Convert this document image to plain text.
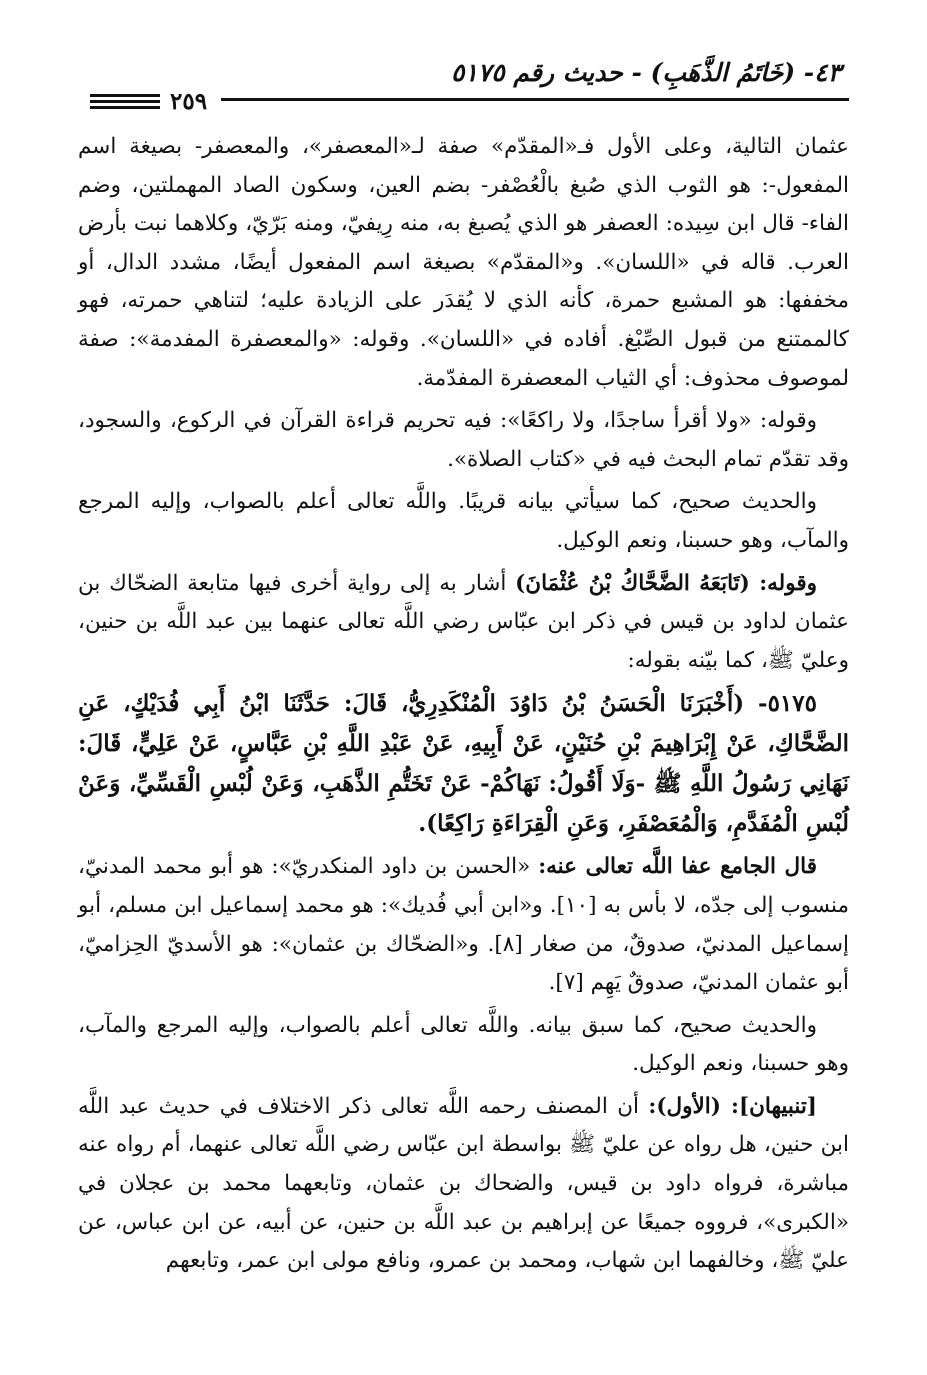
٤٣- (خَاتَمُ الذَّهَبِ) - حديث رقم ٥١٧٥
٢٥٩

عثمان التالية، وعلى الأول فـ«المقدّم» صفة لـ«المعصفر»، والمعصفر- بصيغة اسم المفعول-: هو الثوب الذي صُبغ بالْعُصْفر- بضم العين، وسكون الصاد المهملتين، وضم الفاء- قال ابن سِيده: العصفر هو الذي يُصبغ به، منه رِيفيّ، ومنه بَرّيّ، وكلاهما نبت بأرض العرب. قاله في «اللسان». و«المقدّم» بصيغة اسم المفعول أيضًا، مشدد الدال، أو مخففها: هو المشبع حمرة، كأنه الذي لا يُقدَر على الزيادة عليه؛ لتناهي حمرته، فهو كالممتنع من قبول الصِّبْغ. أفاده في «اللسان». وقوله: «والمعصفرة المفدمة»: صفة لموصوف محذوف: أي الثياب المعصفرة المفدّمة.

وقوله: «ولا أقرأ ساجدًا، ولا راكعًا»: فيه تحريم قراءة القرآن في الركوع، والسجود، وقد تقدّم تمام البحث فيه في «كتاب الصلاة».

والحديث صحيح، كما سيأتي بيانه قريبًا. واللَّه تعالى أعلم بالصواب، وإليه المرجع والمآب، وهو حسبنا، ونعم الوكيل.

وقوله: (تَابَعَهُ الضَّحَّاكُ بْنُ عُثْمَانَ) أشار به إلى رواية أخرى فيها متابعة الضحّاك بن عثمان لداود بن قيس في ذكر ابن عبّاس رضي اللَّه تعالى عنهما بين عبد اللَّه بن حنين، وعليّ ﷺ، كما بيّنه بقوله:

٥١٧٥- (أَخْبَرَنَا الْحَسَنُ بْنُ دَاوُدَ الْمُنْكَدِرِيُّ، قَالَ: حَدَّثَنَا ابْنُ أَبِي فُدَيْكٍ، عَنِ الضَّحَّاكِ، عَنْ إِبْرَاهِيمَ بْنِ حُنَيْنٍ، عَنْ أَبِيهِ، عَنْ عَبْدِ اللَّهِ بْنِ عَبَّاسٍ، عَنْ عَلِيٍّ، قَالَ: نَهَانِي رَسُولُ اللَّهِ ﷺ -وَلَا أَقُولُ: نَهَاكُمْ- عَنْ تَخَتُّمِ الذَّهَبِ، وَعَنْ لُبْسِ الْقَسِّيِّ، وَعَنْ لُبْسِ الْمُفَدَّمِ، وَالْمُعَصْفَرِ، وَعَنِ الْقِرَاءَةِ رَاكِعًا).

قال الجامع عفا اللَّه تعالى عنه: «الحسن بن داود المنكدريّ»: هو أبو محمد المدنيّ، منسوب إلى جدّه، لا بأس به [١٠]. و«ابن أبي فُديك»: هو محمد إسماعيل ابن مسلم، أبو إسماعيل المدنيّ، صدوقٌ، من صغار [٨]. و«الضحّاك بن عثمان»: هو الأسديّ الحِزاميّ، أبو عثمان المدنيّ، صدوقٌ يَهِم [٧].

والحديث صحيح، كما سبق بيانه. واللَّه تعالى أعلم بالصواب، وإليه المرجع والمآب، وهو حسبنا، ونعم الوكيل.

[تنبيهان]: (الأول): أن المصنف رحمه اللَّه تعالى ذكر الاختلاف في حديث عبد اللَّه ابن حنين، هل رواه عن عليّ ﷺ بواسطة ابن عبّاس رضي اللَّه تعالى عنهما، أم رواه عنه مباشرة، فرواه داود بن قيس، والضحاك بن عثمان، وتابعهما محمد بن عجلان في «الكبرى»، فرووه جميعًا عن إبراهيم بن عبد اللَّه بن حنين، عن أبيه، عن ابن عباس، عن عليّ ﷺ، وخالفهما ابن شهاب، ومحمد بن عمرو، ونافع مولى ابن عمر، وتابعهم
